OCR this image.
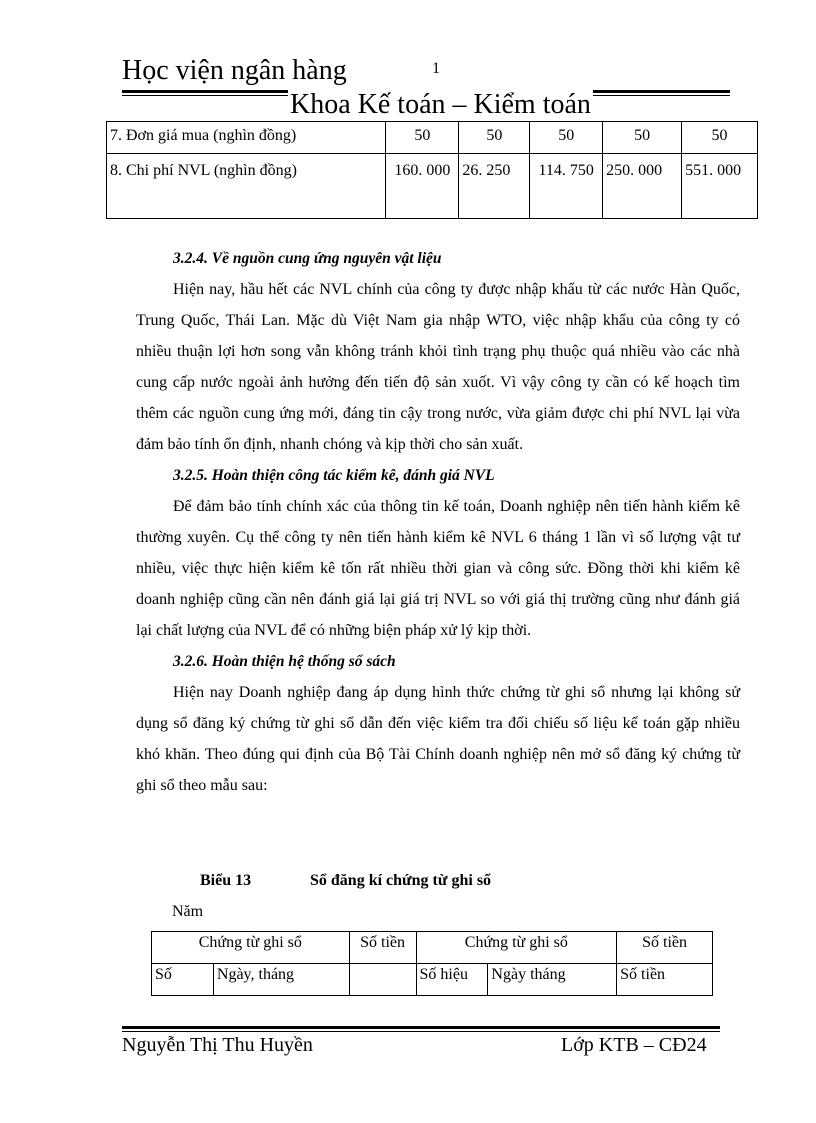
Học viện ngân hàng	1
Khoa Kế toán – Kiểm toán
7. Đơn giá mua (nghìn đồng)	50	50	50	50	50
8. Chi phí NVL (nghìn đồng)	160. 000	26. 250	114. 750	250. 000	551. 000
3.2.4. Về nguồn cung ứng nguyên vật liệu

Hiện nay, hầu hết các NVL chính của công ty được nhập khẩu từ các nước Hàn Quốc, Trung Quốc, Thái Lan. Mặc dù Việt Nam gia nhập WTO, việc nhập khẩu của công ty có nhiều thuận lợi hơn song vẫn không tránh khỏi tình trạng phụ thuộc quá nhiều vào các nhà cung cấp nước ngoài ảnh hưởng đến tiến độ sản xuốt. Vì vậy công ty cần có kế hoạch tìm thêm các nguồn cung ứng mới, đáng tin cậy trong nước, vừa giảm được chi phí NVL lại vừa đảm bảo tính ổn định, nhanh chóng và kịp thời cho sản xuất.

3.2.5. Hoàn thiện công tác kiểm kê, đánh giá NVL

Để đảm bảo tính chính xác của thông tin kế toán, Doanh nghiệp nên tiến hành kiểm kê thường xuyên. Cụ thể công ty nên tiến hành kiểm kê NVL 6 tháng 1 lần vì số lượng vật tư nhiều, việc thực hiện kiểm kê tốn rất nhiều thời gian và công sức. Đồng thời khi kiểm kê doanh nghiệp cũng cần nên đánh giá lại giá trị NVL so với giá thị trường cũng như đánh giá lại chất lượng của NVL để có những biện pháp xử lý kịp thời.

3.2.6. Hoàn thiện hệ thống sổ sách

Hiện nay Doanh nghiệp đang áp dụng hình thức chứng từ ghi sổ nhưng lại không sử dụng sổ đăng ký chứng từ ghi sổ dẫn đến việc kiểm tra đối chiếu số liệu kế toán gặp nhiều khó khăn. Theo đúng qui định của Bộ Tài Chính doanh nghiệp nên mở sổ đăng ký chứng từ ghi sổ theo mẫu sau:

Biểu 13	Sổ đăng kí chứng từ ghi sổ
Năm
Chứng từ ghi sổ		Số tiền	Chứng từ ghi sổ		Số tiền
Số	Ngày, tháng		Số hiệu	Ngày tháng	Số tiền
Nguyễn Thị Thu Huyền	Lớp KTB – CĐ24
